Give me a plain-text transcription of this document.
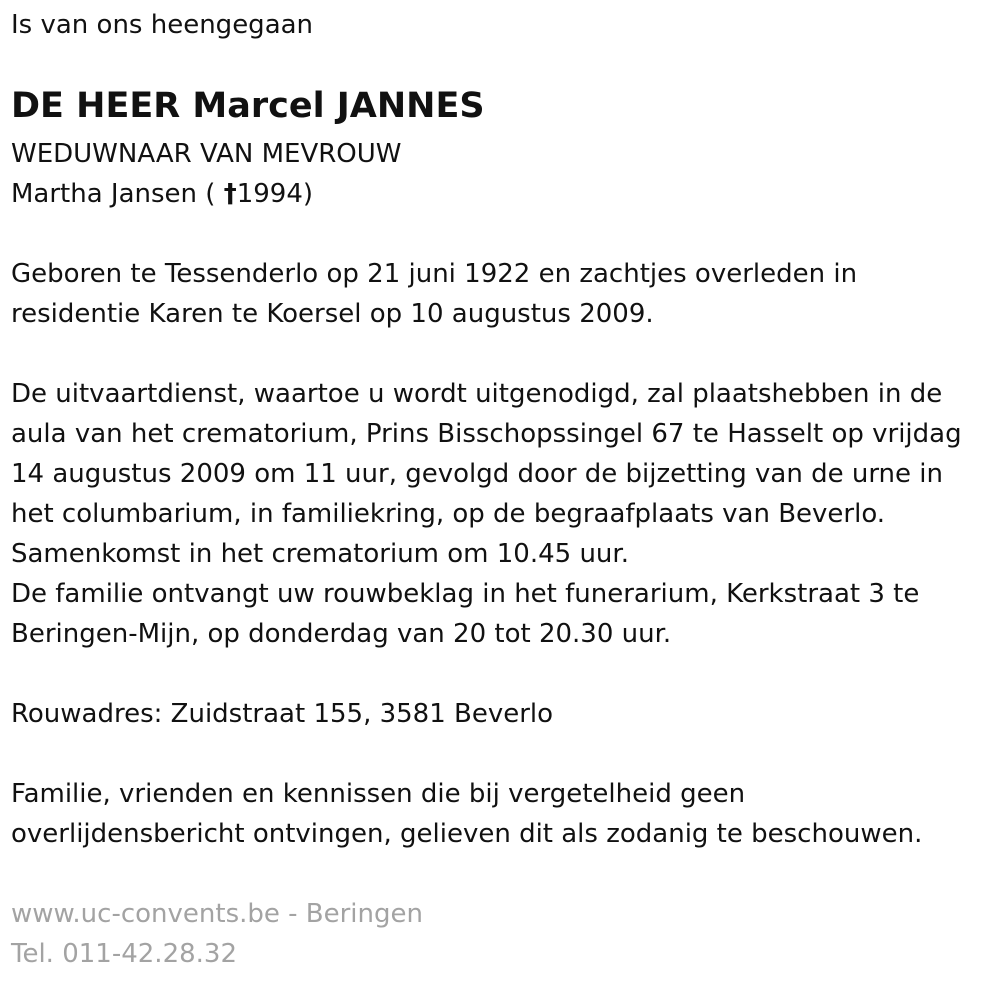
Is van ons heengegaan

DE HEER Marcel JANNES

WEDUWNAAR VAN MEVROUW

Martha Jansen ( †1994)

Geboren te Tessenderlo op 21 juni 1922 en zachtjes overleden in

residentie Karen te Koersel op 10 augustus 2009.

De uitvaartdienst, waartoe u wordt uitgenodigd, zal plaatshebben in de

aula van het crematorium, Prins Bisschopssingel 67 te Hasselt op vrijdag

14 augustus 2009 om 11 uur, gevolgd door de bijzetting van de urne in

het columbarium, in familiekring, op de begraafplaats van Beverlo.

Samenkomst in het crematorium om 10.45 uur.

De familie ontvangt uw rouwbeklag in het funerarium, Kerkstraat 3 te

Beringen-Mijn, op donderdag van 20 tot 20.30 uur.

Rouwadres: Zuidstraat 155, 3581 Beverlo

Familie, vrienden en kennissen die bij vergetelheid geen

overlijdensbericht ontvingen, gelieven dit als zodanig te beschouwen.

www.uc-convents.be - Beringen

Tel. 011-42.28.32
